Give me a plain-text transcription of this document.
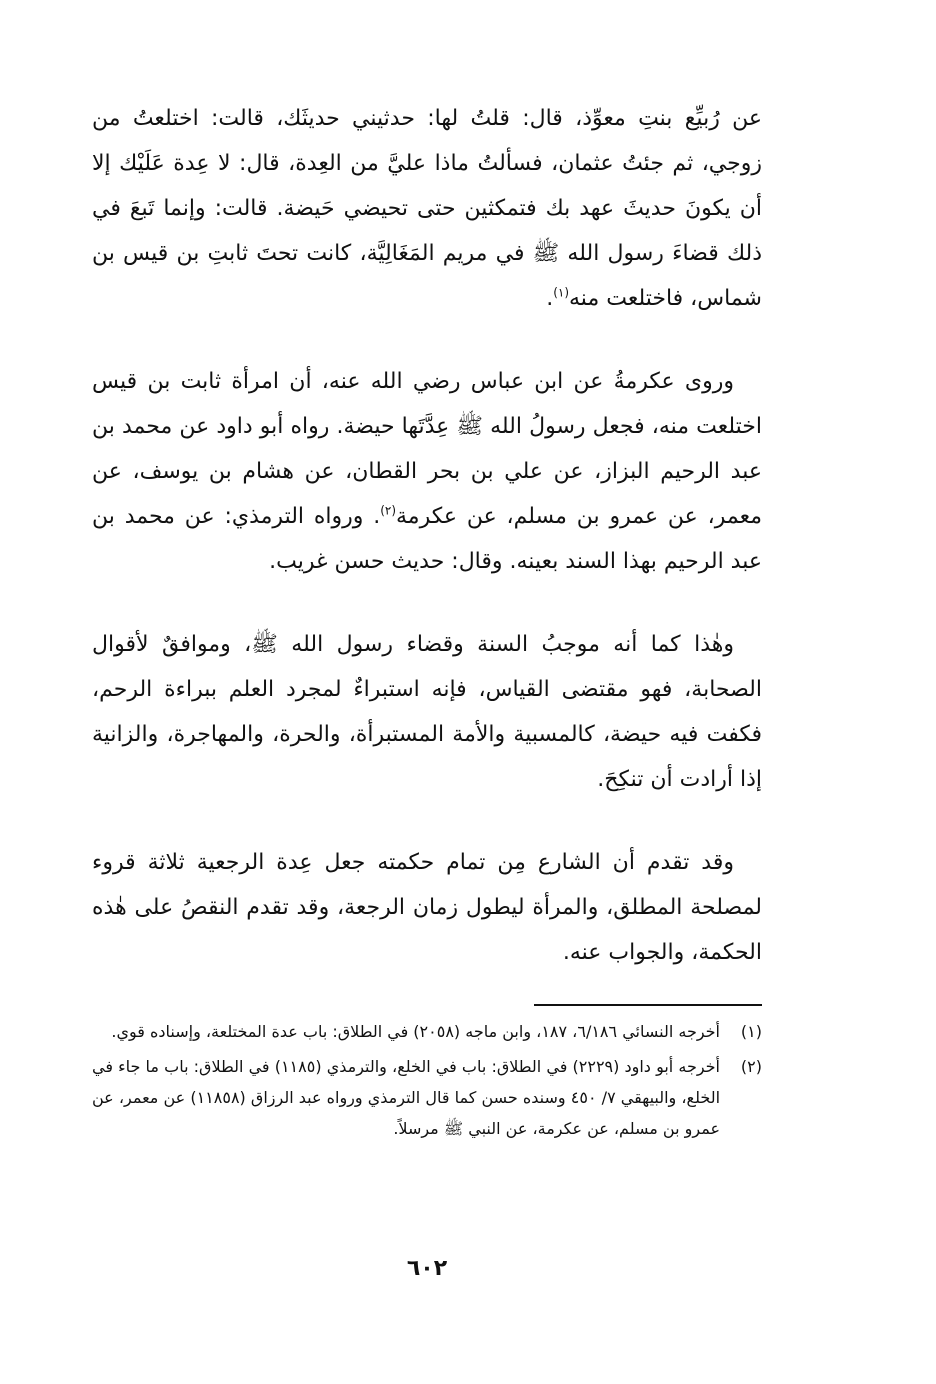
عن رُبيِّع بنتِ معوِّذ، قال: قلتُ لها: حدثيني حديثَك، قالت: اختلعتُ من زوجي، ثم جئتُ عثمان، فسألتُ ماذا عليَّ من العِدة، قال: لا عِدة عَلَيْك إلا أن يكونَ حديثَ عهد بك فتمكثين حتى تحيضي حَيضة. قالت: وإنما تَبعَ في ذلك قضاءَ رسول الله ﷺ في مريم المَغَالِيَّة، كانت تحتَ ثابتِ بن قيس بن شماس، فاختلعت منه$^{(١)}$.

وروى عكرمةُ عن ابن عباس رضي الله عنه، أن امرأة ثابت بن قيس اختلعت منه، فجعل رسولُ الله ﷺ عِدَّتَها حيضة. رواه أبو داود عن محمد بن عبد الرحيم البزاز، عن علي بن بحر القطان، عن هشام بن يوسف، عن معمر، عن عمرو بن مسلم، عن عكرمة$^{(٢)}$. ورواه الترمذي: عن محمد بن عبد الرحيم بهذا السند بعينه. وقال: حديث حسن غريب.

وهٰذا كما أنه موجبُ السنة وقضاء رسول الله ﷺ، وموافقٌ لأقوال الصحابة، فهو مقتضى القياس، فإنه استبراءٌ لمجرد العلم ببراءة الرحم، فكفت فيه حيضة، كالمسبية والأمة المستبرأة، والحرة، والمهاجرة، والزانية إذا أرادت أن تنكِحَ.

وقد تقدم أن الشارع مِن تمام حكمته جعل عِدة الرجعية ثلاثة قروء لمصلحة المطلق، والمرأة ليطول زمان الرجعة، وقد تقدم النقصُ على هٰذه الحكمة، والجواب عنه.

(١)
أخرجه النسائي ٦/١٨٦، ١٨٧، وابن ماجه (٢٠٥٨) في الطلاق: باب عدة المختلعة، وإسناده قوي.
(٢)
أخرجه أبو داود (٢٢٢٩) في الطلاق: باب في الخلع، والترمذي (١١٨٥) في الطلاق: باب ما جاء في الخلع، والبيهقي ٧/ ٤٥٠ وسنده حسن كما قال الترمذي ورواه عبد الرزاق (١١٨٥٨) عن معمر، عن عمرو بن مسلم، عن عكرمة، عن النبي ﷺ مرسلاً.
٦٠٢
